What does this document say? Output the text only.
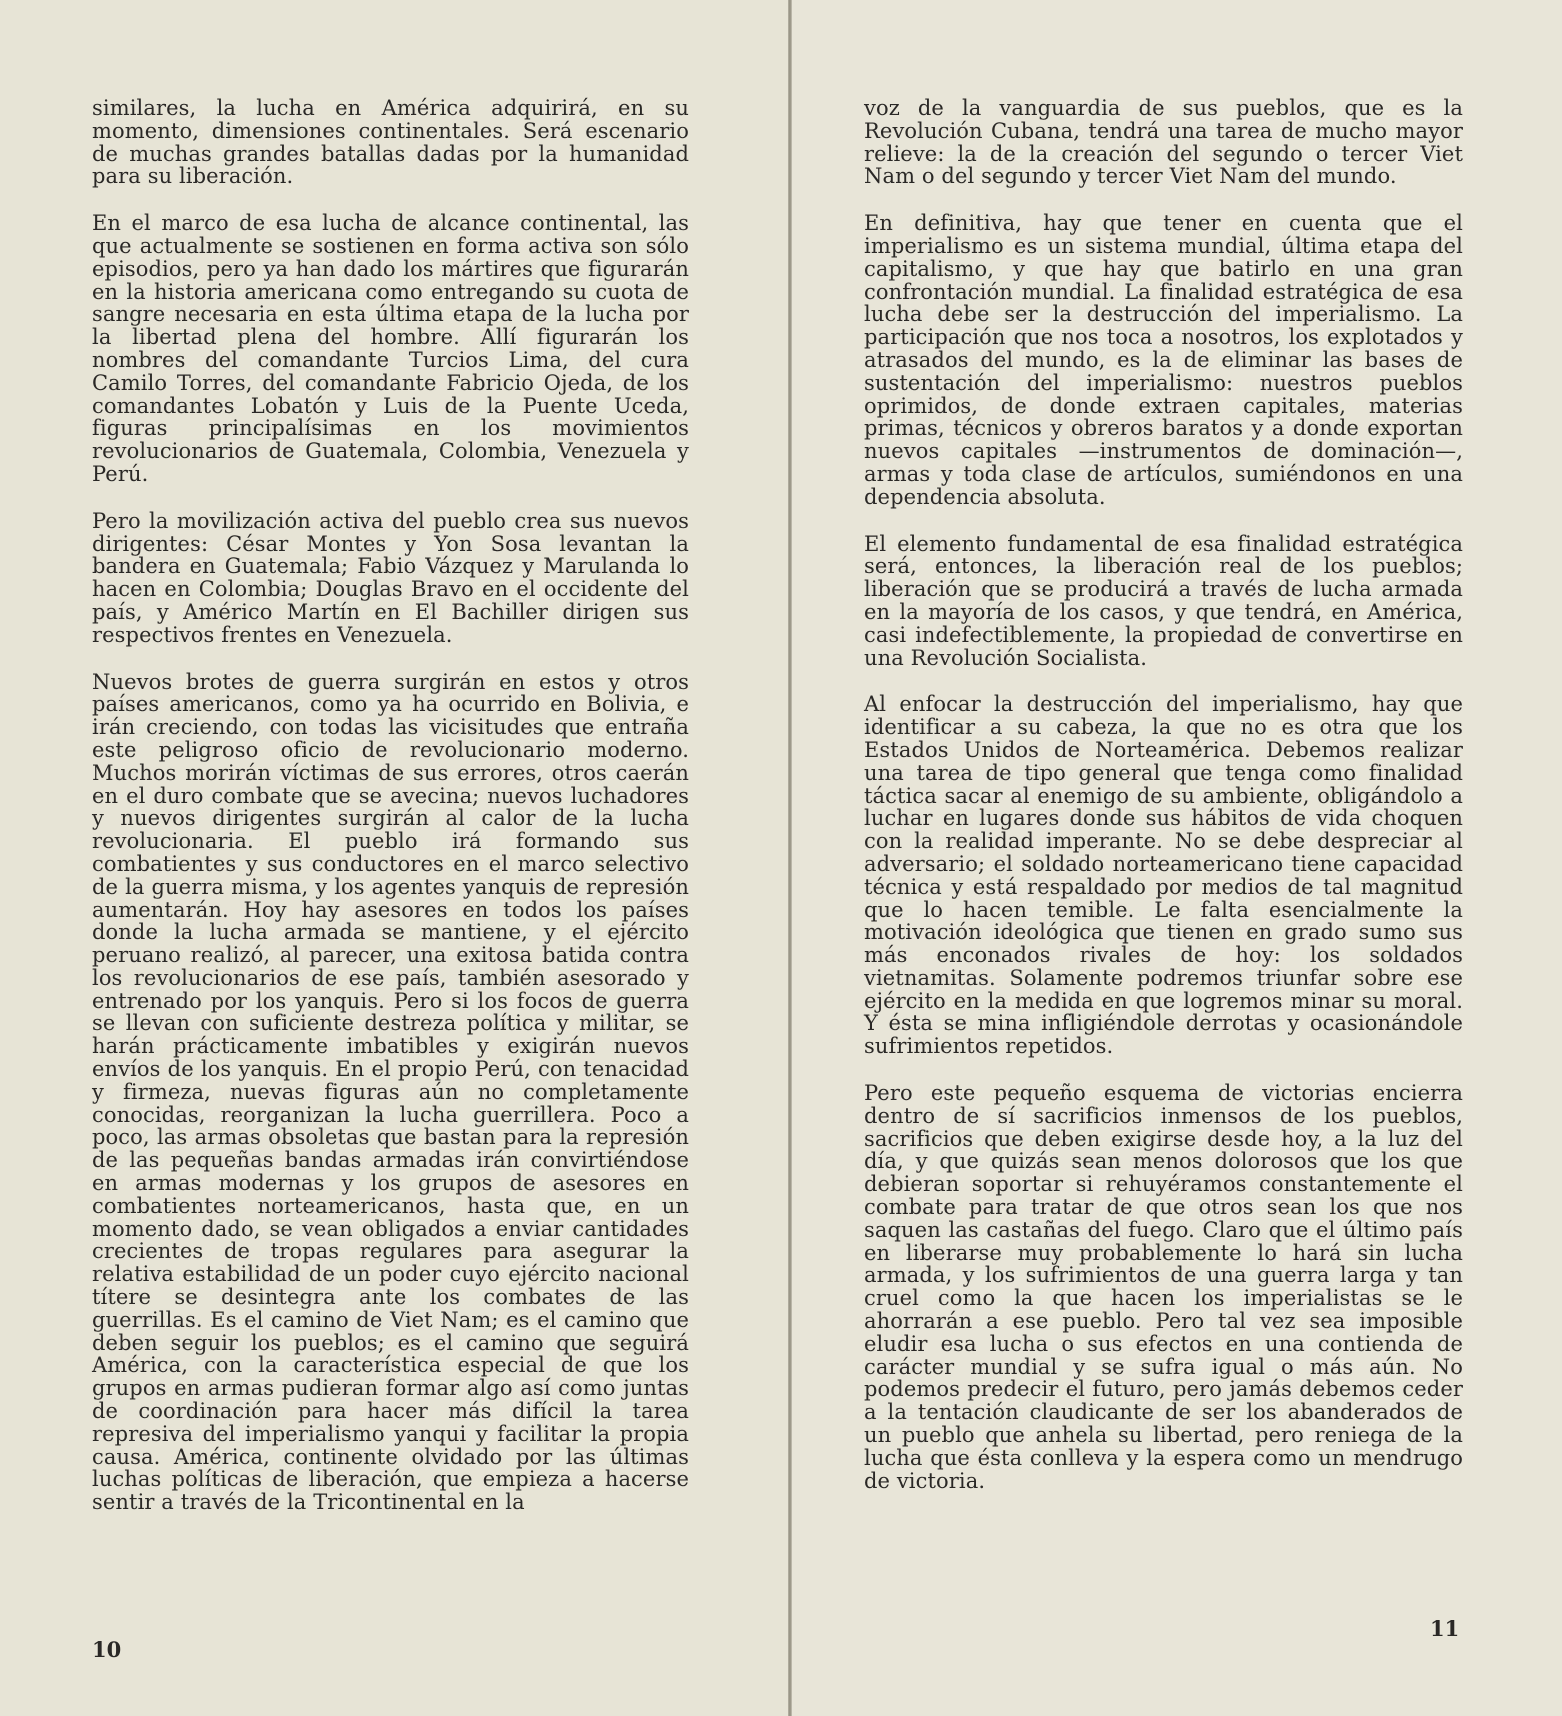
similares, la lucha en América adquirirá, en su momento, dimensiones continentales. Será escenario de muchas grandes batallas dadas por la humanidad para su liberación.

En el marco de esa lucha de alcance continental, las que actualmente se sostienen en forma activa son sólo episodios, pero ya han dado los mártires que figurarán en la historia americana como entregando su cuota de sangre necesaria en esta última etapa de la lucha por la libertad plena del hombre. Allí figurarán los nombres del comandante Turcios Lima, del cura Camilo Torres, del comandante Fabricio Ojeda, de los comandantes Lobatón y Luis de la Puente Uceda, figuras principalísimas en los movimientos revolucionarios de Guatemala, Colombia, Venezuela y Perú.

Pero la movilización activa del pueblo crea sus nuevos dirigentes: César Montes y Yon Sosa levantan la bandera en Guatemala; Fabio Vázquez y Marulanda lo hacen en Colombia; Douglas Bravo en el occidente del país, y Américo Martín en El Bachiller dirigen sus respectivos frentes en Venezuela.

Nuevos brotes de guerra surgirán en estos y otros países americanos, como ya ha ocurrido en Bolivia, e irán creciendo, con todas las vicisitudes que entraña este peligroso oficio de revolucionario moderno. Muchos morirán víctimas de sus errores, otros caerán en el duro combate que se avecina; nuevos luchadores y nuevos dirigentes surgirán al calor de la lucha revolucionaria. El pueblo irá formando sus combatientes y sus conductores en el marco selectivo de la guerra misma, y los agentes yanquis de represión aumentarán. Hoy hay asesores en todos los países donde la lucha armada se mantiene, y el ejército peruano realizó, al parecer, una exitosa batida contra los revolucionarios de ese país, también asesorado y entrenado por los yanquis. Pero si los focos de guerra se llevan con suficiente destreza política y militar, se harán prácticamente imbatibles y exigirán nuevos envíos de los yanquis. En el propio Perú, con tenacidad y firmeza, nuevas figuras aún no completamente conocidas, reorganizan la lucha guerrillera. Poco a poco, las armas obsoletas que bastan para la represión de las pequeñas bandas armadas irán convirtiéndose en armas modernas y los grupos de asesores en combatientes norteamericanos, hasta que, en un momento dado, se vean obligados a enviar cantidades crecientes de tropas regulares para asegurar la relativa estabilidad de un poder cuyo ejército nacional títere se desintegra ante los combates de las guerrillas. Es el camino de Viet Nam; es el camino que deben seguir los pueblos; es el camino que seguirá América, con la característica especial de que los grupos en armas pudieran formar algo así como juntas de coordinación para hacer más difícil la tarea represiva del imperialismo yanqui y facilitar la propia causa. América, continente olvidado por las últimas luchas políticas de liberación, que empieza a hacerse sentir a través de la Tricontinental en la

10

voz de la vanguardia de sus pueblos, que es la Revolución Cubana, tendrá una tarea de mucho mayor relieve: la de la creación del segundo o tercer Viet Nam o del segundo y tercer Viet Nam del mundo.

En definitiva, hay que tener en cuenta que el imperialismo es un sistema mundial, última etapa del capitalismo, y que hay que batirlo en una gran confrontación mundial. La finalidad estratégica de esa lucha debe ser la destrucción del imperialismo. La participación que nos toca a nosotros, los explotados y atrasados del mundo, es la de eliminar las bases de sustentación del imperialismo: nuestros pueblos oprimidos, de donde extraen capitales, materias primas, técnicos y obreros baratos y a donde exportan nuevos capitales —instrumentos de dominación—, armas y toda clase de artículos, sumiéndonos en una dependencia absoluta.

El elemento fundamental de esa finalidad estratégica será, entonces, la liberación real de los pueblos; liberación que se producirá a través de lucha armada en la mayoría de los casos, y que tendrá, en América, casi indefectiblemente, la propiedad de convertirse en una Revolución Socialista.

Al enfocar la destrucción del imperialismo, hay que identificar a su cabeza, la que no es otra que los Estados Unidos de Norteamérica. Debemos realizar una tarea de tipo general que tenga como finalidad táctica sacar al enemigo de su ambiente, obligándolo a luchar en lugares donde sus hábitos de vida choquen con la realidad imperante. No se debe despreciar al adversario; el soldado norteamericano tiene capacidad técnica y está respaldado por medios de tal magnitud que lo hacen temible. Le falta esencialmente la motivación ideológica que tienen en grado sumo sus más enconados rivales de hoy: los soldados vietnamitas. Solamente podremos triunfar sobre ese ejército en la medida en que logremos minar su moral. Y ésta se mina infligiéndole derrotas y ocasionándole sufrimientos repetidos.

Pero este pequeño esquema de victorias encierra dentro de sí sacrificios inmensos de los pueblos, sacrificios que deben exigirse desde hoy, a la luz del día, y que quizás sean menos dolorosos que los que debieran soportar si rehuyéramos constantemente el combate para tratar de que otros sean los que nos saquen las castañas del fuego. Claro que el último país en liberarse muy probablemente lo hará sin lucha armada, y los sufrimientos de una guerra larga y tan cruel como la que hacen los imperialistas se le ahorrarán a ese pueblo. Pero tal vez sea imposible eludir esa lucha o sus efectos en una contienda de carácter mundial y se sufra igual o más aún. No podemos predecir el futuro, pero jamás debemos ceder a la tentación claudicante de ser los abanderados de un pueblo que anhela su libertad, pero reniega de la lucha que ésta conlleva y la espera como un mendrugo de victoria.

11
